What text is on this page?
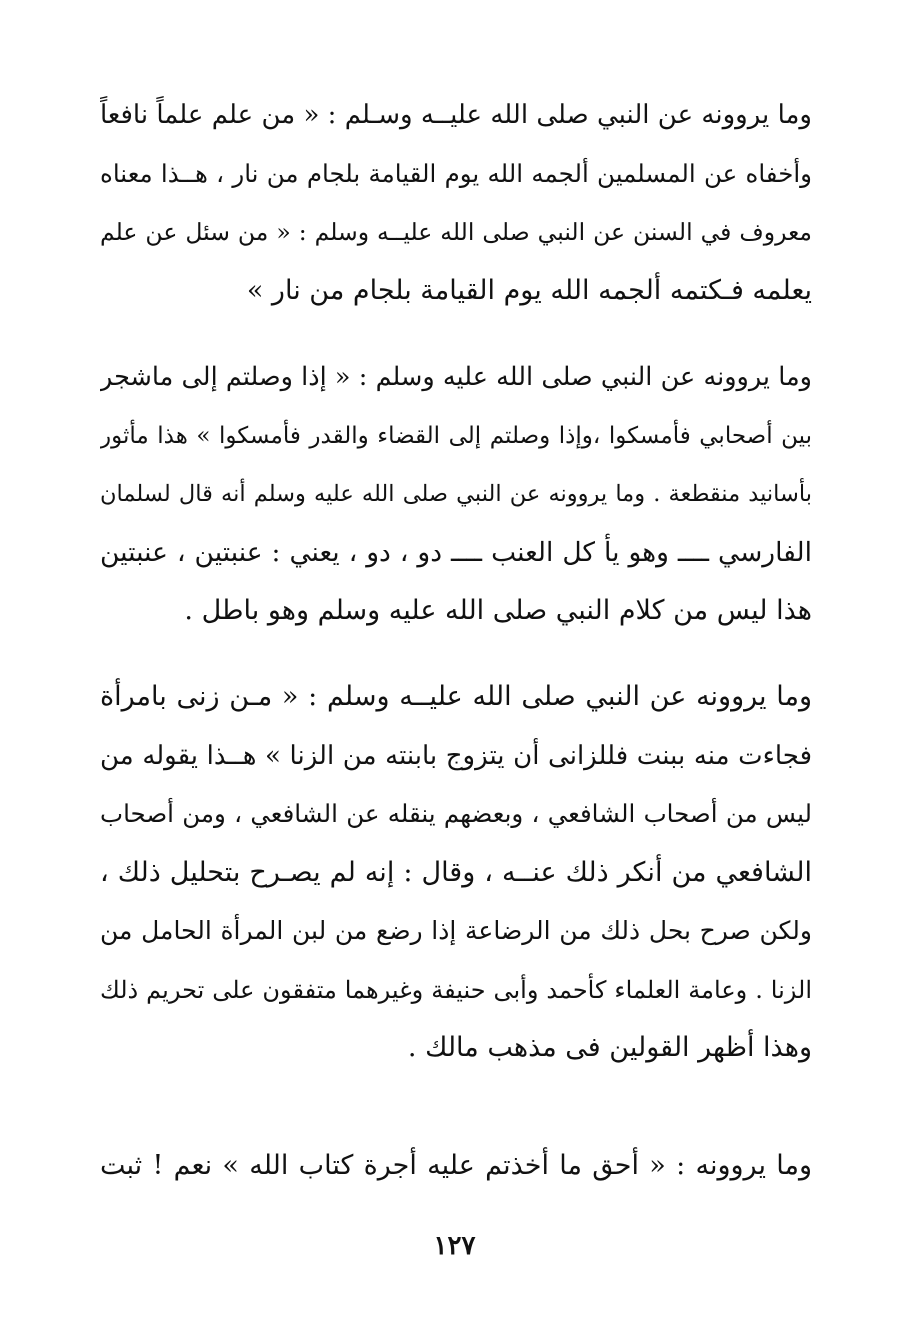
وما يروونه عن النبي صلى الله عليــه وسـلم : « من علم علماً نافعاً
وأخفاه عن المسلمين ألجمه الله يوم القيامة بلجام من نار ، هــذا معناه
معروف في السنن عن النبي صلى الله عليــه وسلم : « من سئل عن علم
يعلمه فـكتمه ألجمه الله يوم القيامة بلجام من نار »
وما يروونه عن النبي صلى الله عليه وسلم : « إذا وصلتم إلى ماشجر
بين أصحابي فأمسكوا ،وإذا وصلتم إلى القضاء والقدر فأمسكوا » هذا مأثور
بأسانيد منقطعة . وما يروونه عن النبي صلى الله عليه وسلم أنه قال لسلمان
الفارسي ــــ وهو يأ كل العنب ــــ دو ، دو ، يعني : عنبتين ، عنبتين
هذا ليس من كلام النبي صلى الله عليه وسلم وهو باطل .
وما يروونه عن النبي صلى الله عليــه وسلم : « مـن زنى بامرأة
فجاءت منه ببنت فللزانى أن يتزوج بابنته من الزنا » هــذا يقوله من
ليس من أصحاب الشافعي ، وبعضهم ينقله عن الشافعي ، ومن أصحاب
الشافعي من أنكر ذلك عنــه ، وقال : إنه لم يصـرح بتحليل ذلك ،
ولكن صرح بحل ذلك من الرضاعة إذا رضع من لبن المرأة الحامل من
الزنا . وعامة العلماء كأحمد وأبى حنيفة وغيرهما متفقون على تحريم ذلك
وهذا أظهر القولين فى مذهب مالك .
وما يروونه : « أحق ما أخذتم عليه أجرة كتاب الله » نعم ! ثبت
١٢٧
